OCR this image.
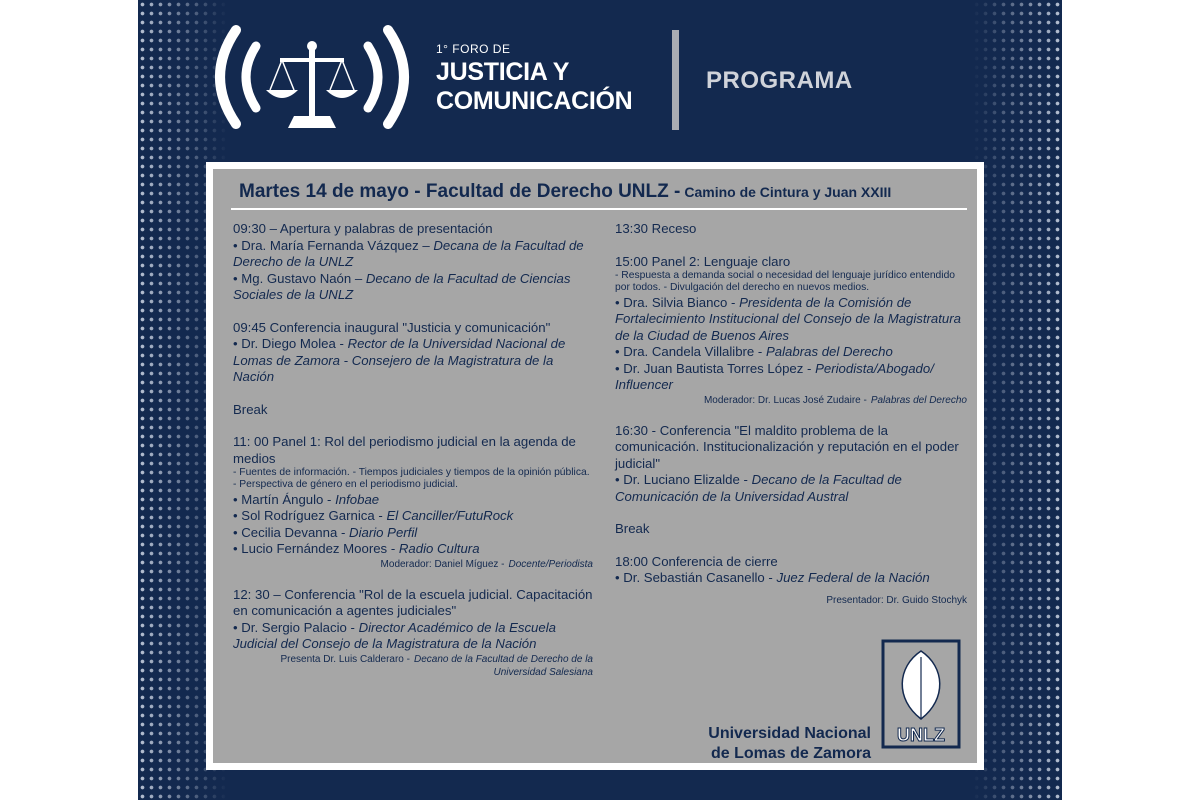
1° FORO DE
JUSTICIA Y
COMUNICACIÓN
PROGRAMA
Martes 14 de mayo - Facultad de Derecho UNLZ - Camino de Cintura y Juan XXIII
09:30 – Apertura y palabras de presentación
• Dra. María Fernanda Vázquez – Decana de la Facultad de Derecho de la UNLZ
• Mg. Gustavo Naón – Decano de la Facultad de Ciencias Sociales de la UNLZ
09:45 Conferencia inaugural "Justicia y comunicación"
• Dr. Diego Molea - Rector de la Universidad Nacional de Lomas de Zamora - Consejero de la Magistratura de la Nación
Break
11: 00 Panel 1: Rol del periodismo judicial en la agenda de medios
- Fuentes de información. - Tiempos judiciales y tiempos de la opinión pública. - Perspectiva de género en el periodismo judicial.
• Martín Ángulo - Infobae
• Sol Rodríguez Garnica - El Canciller/FutuRock
• Cecilia Devanna - Diario Perfil
• Lucio Fernández Moores - Radio Cultura
Moderador: Daniel Míguez - Docente/Periodista
12: 30 – Conferencia "Rol de la escuela judicial. Capacitación en comunicación a agentes judiciales"
• Dr. Sergio Palacio - Director Académico de la Escuela Judicial del Consejo de la Magistratura de la Nación
Presenta Dr. Luis Calderaro - Decano de la Facultad de Derecho de la Universidad Salesiana
13:30 Receso
15:00 Panel 2: Lenguaje claro
- Respuesta a demanda social o necesidad del lenguaje jurídico entendido por todos. - Divulgación del derecho en nuevos medios.
• Dra. Silvia Bianco - Presidenta de la Comisión de Fortalecimiento Institucional del Consejo de la Magistratura de la Ciudad de Buenos Aires
• Dra. Candela Villalibre - Palabras del Derecho
• Dr. Juan Bautista Torres López - Periodista/Abogado/ Influencer
Moderador: Dr. Lucas José Zudaire - Palabras del Derecho
16:30 - Conferencia "El maldito problema de la comunicación. Institucionalización y reputación en el poder judicial"
• Dr. Luciano Elizalde - Decano de la Facultad de Comunicación de la Universidad Austral
Break
18:00 Conferencia de cierre
• Dr. Sebastián Casanello - Juez Federal de la Nación
Presentador: Dr. Guido Stochyk
Universidad Nacional
de Lomas de Zamora
UNLZ
